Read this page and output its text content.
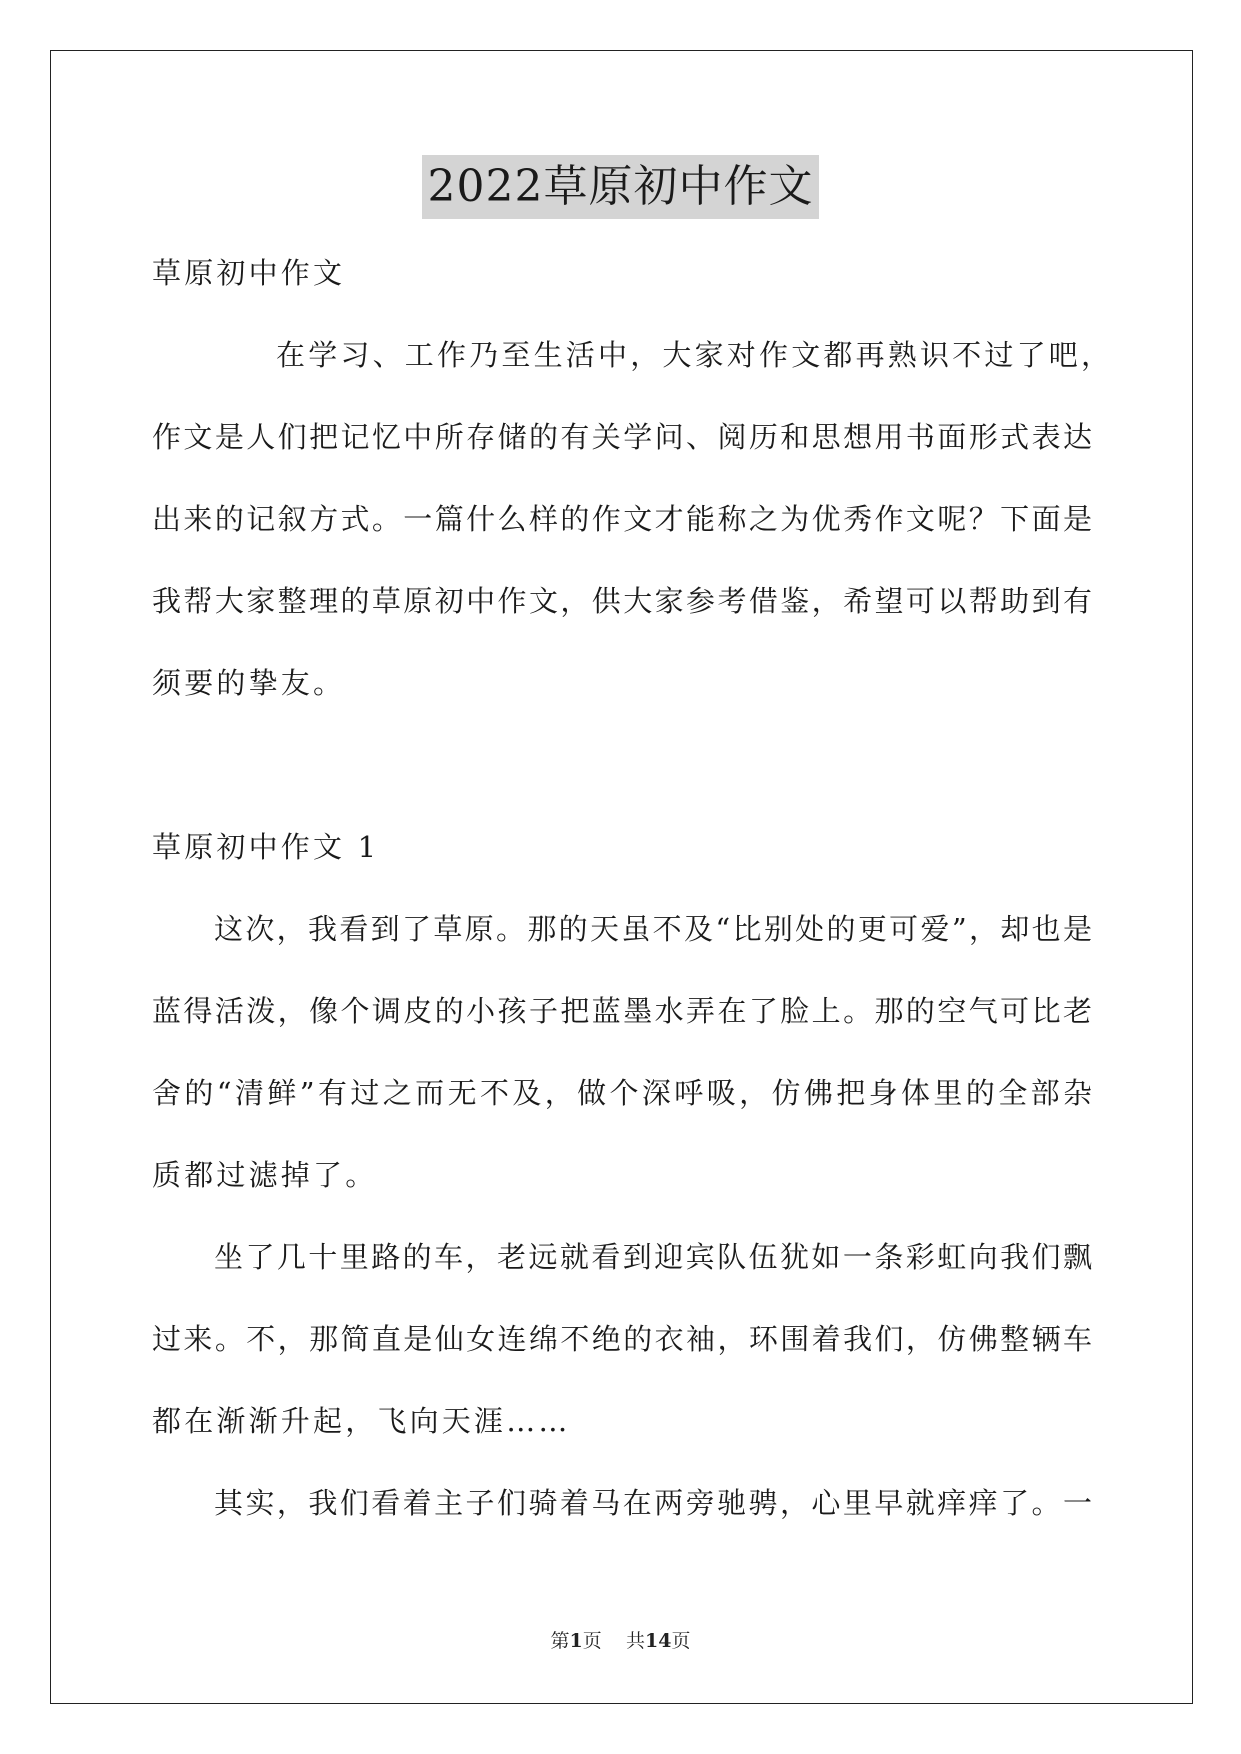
2022草原初中作文
草原初中作文
在学习、工作乃至生活中，大家对作文都再熟识不过了吧，
作文是人们把记忆中所存储的有关学问、阅历和思想用书面形式表达
出来的记叙方式。一篇什么样的作文才能称之为优秀作文呢？下面是
我帮大家整理的草原初中作文，供大家参考借鉴，希望可以帮助到有
须要的挚友。
草原初中作文 1
这次，我看到了草原。那的天虽不及“比别处的更可爱”，却也是
蓝得活泼，像个调皮的小孩子把蓝墨水弄在了脸上。那的空气可比老
舍的“清鲜”有过之而无不及，做个深呼吸，仿佛把身体里的全部杂
质都过滤掉了。
坐了几十里路的车，老远就看到迎宾队伍犹如一条彩虹向我们飘
过来。不，那简直是仙女连绵不绝的衣袖，环围着我们，仿佛整辆车
都在渐渐升起，飞向天涯……
其实，我们看着主子们骑着马在两旁驰骋，心里早就痒痒了。一
第1页 共14页
